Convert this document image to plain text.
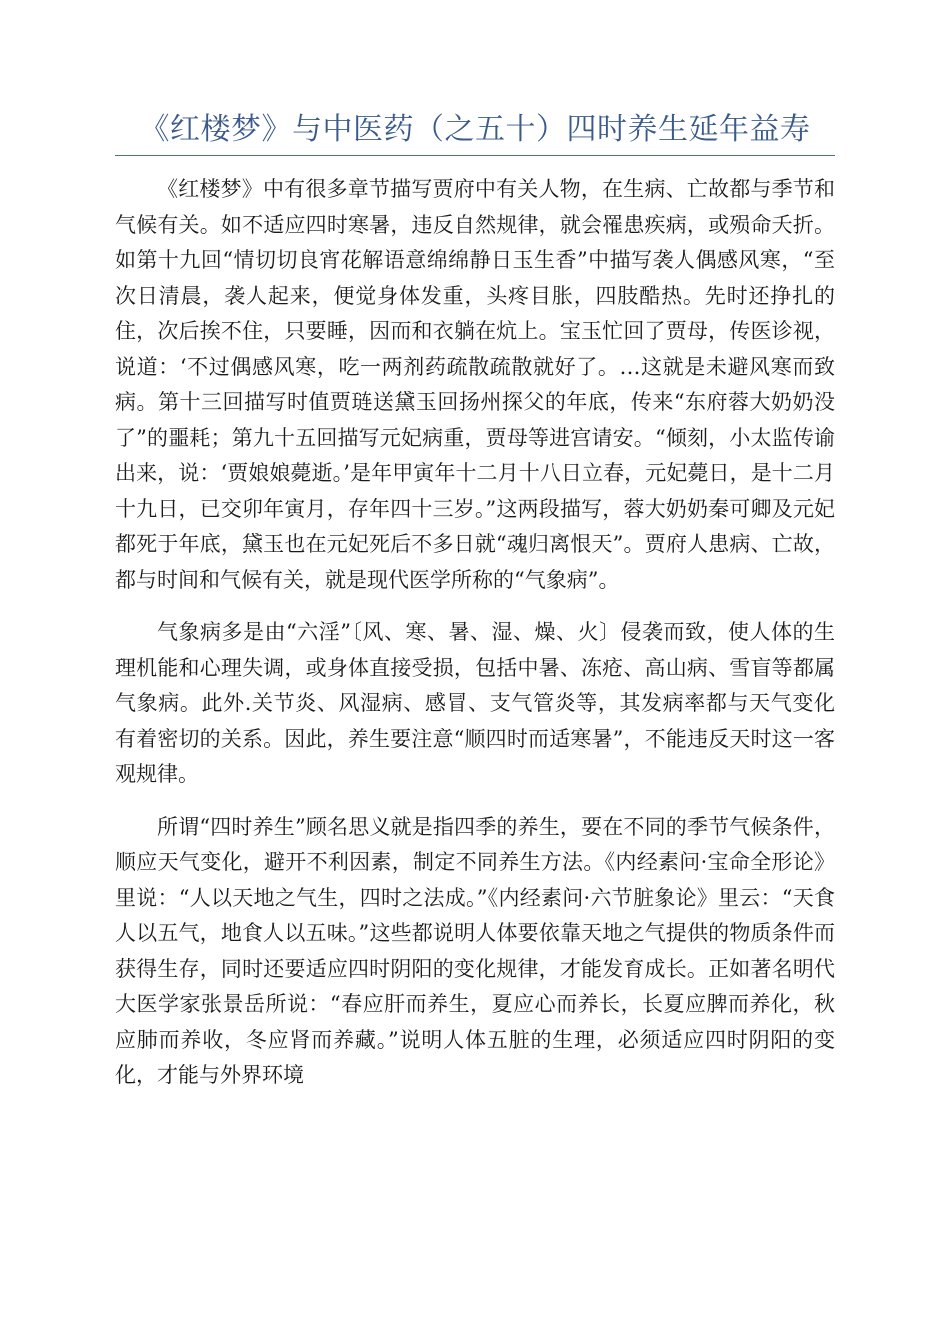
《红楼梦》与中医药（之五十）四时养生延年益寿

《红楼梦》中有很多章节描写贾府中有关人物，在生病、亡故都与季节和气候有关。如不适应四时寒暑，违反自然规律，就会罹患疾病，或殒命夭折。如第十九回“情切切良宵花解语意绵绵静日玉生香”中描写袭人偶感风寒，“至次日清晨，袭人起来，便觉身体发重，头疼目胀，四肢酷热。先时还挣扎的住，次后挨不住，只要睡，因而和衣躺在炕上。宝玉忙回了贾母，传医诊视，说道：‘不过偶感风寒，吃一两剂药疏散疏散就好了。…这就是未避风寒而致病。第十三回描写时值贾琏送黛玉回扬州探父的年底，传来“东府蓉大奶奶没了”的噩耗；第九十五回描写元妃病重，贾母等进宫请安。“倾刻，小太监传谕出来，说：‘贾娘娘薨逝。’是年甲寅年十二月十八日立春，元妃薨日，是十二月十九日，已交卯年寅月，存年四十三岁。”这两段描写，蓉大奶奶秦可卿及元妃都死于年底，黛玉也在元妃死后不多日就“魂归离恨天”。贾府人患病、亡故，都与时间和气候有关，就是现代医学所称的“气象病”。

气象病多是由“六淫”〔风、寒、暑、湿、燥、火〕侵袭而致，使人体的生理机能和心理失调，或身体直接受损，包括中暑、冻疮、高山病、雪盲等都属气象病。此外.关节炎、风湿病、感冒、支气管炎等，其发病率都与天气变化有着密切的关系。因此，养生要注意“顺四时而适寒暑”，不能违反天时这一客观规律。

所谓“四时养生”顾名思义就是指四季的养生，要在不同的季节气候条件，顺应天气变化，避开不利因素，制定不同养生方法。《内经素问·宝命全形论》里说：“人以天地之气生，四时之法成。”《内经素问·六节脏象论》里云：“天食人以五气，地食人以五味。”这些都说明人体要依靠天地之气提供的物质条件而获得生存，同时还要适应四时阴阳的变化规律，才能发育成长。正如著名明代大医学家张景岳所说：“春应肝而养生，夏应心而养长，长夏应脾而养化，秋应肺而养收，冬应肾而养藏。”说明人体五脏的生理，必须适应四时阴阳的变化，才能与外界环境
